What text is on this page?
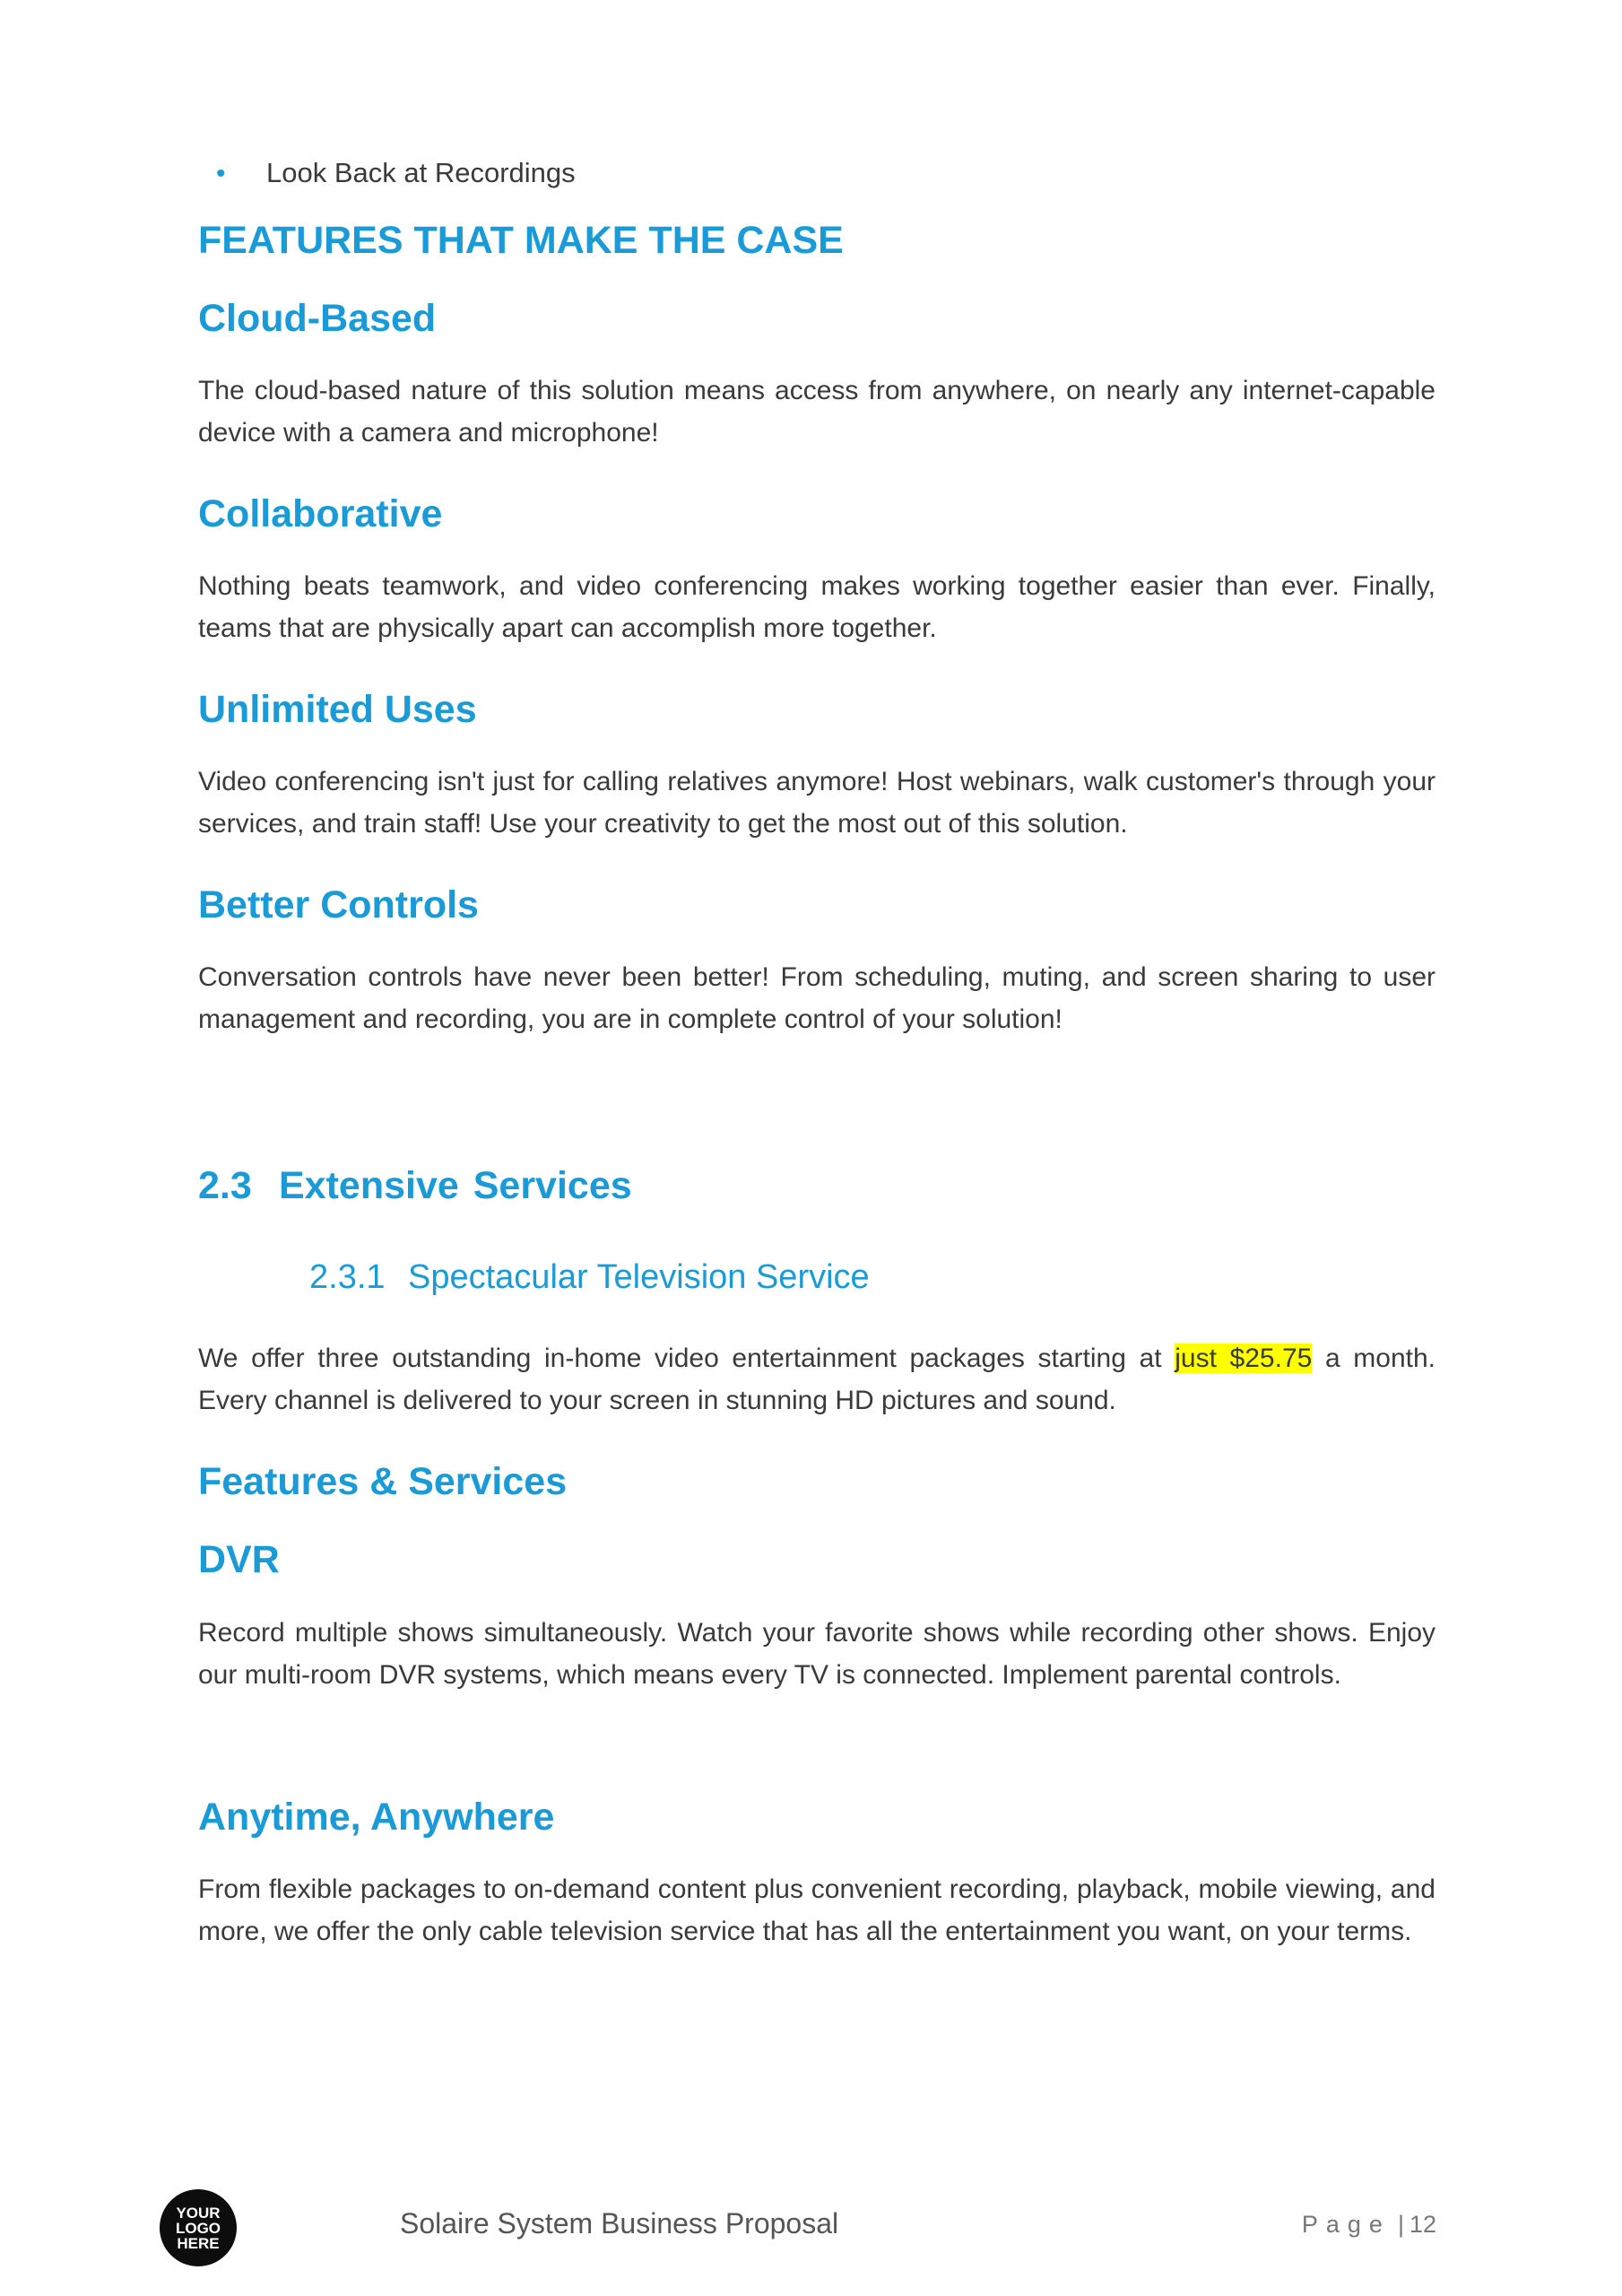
• Look Back at Recordings
FEATURES THAT MAKE THE CASE
Cloud-Based
The cloud-based nature of this solution means access from anywhere, on nearly any internet-capable device with a camera and microphone!
Collaborative
Nothing beats teamwork, and video conferencing makes working together easier than ever. Finally, teams that are physically apart can accomplish more together.
Unlimited Uses
Video conferencing isn't just for calling relatives anymore! Host webinars, walk customer's through your services, and train staff! Use your creativity to get the most out of this solution.
Better Controls
Conversation controls have never been better! From scheduling, muting, and screen sharing to user management and recording, you are in complete control of your solution!
2.3 Extensive Services
2.3.1 Spectacular Television Service
We offer three outstanding in-home video entertainment packages starting at just $25.75 a month. Every channel is delivered to your screen in stunning HD pictures and sound.
Features & Services
DVR
Record multiple shows simultaneously. Watch your favorite shows while recording other shows. Enjoy our multi-room DVR systems, which means every TV is connected. Implement parental controls.
Anytime, Anywhere
From flexible packages to on-demand content plus convenient recording, playback, mobile viewing, and more, we offer the only cable television service that has all the entertainment you want, on your terms.
YOUR
LOGO
HERE
Solaire System Business Proposal	Page | 12
